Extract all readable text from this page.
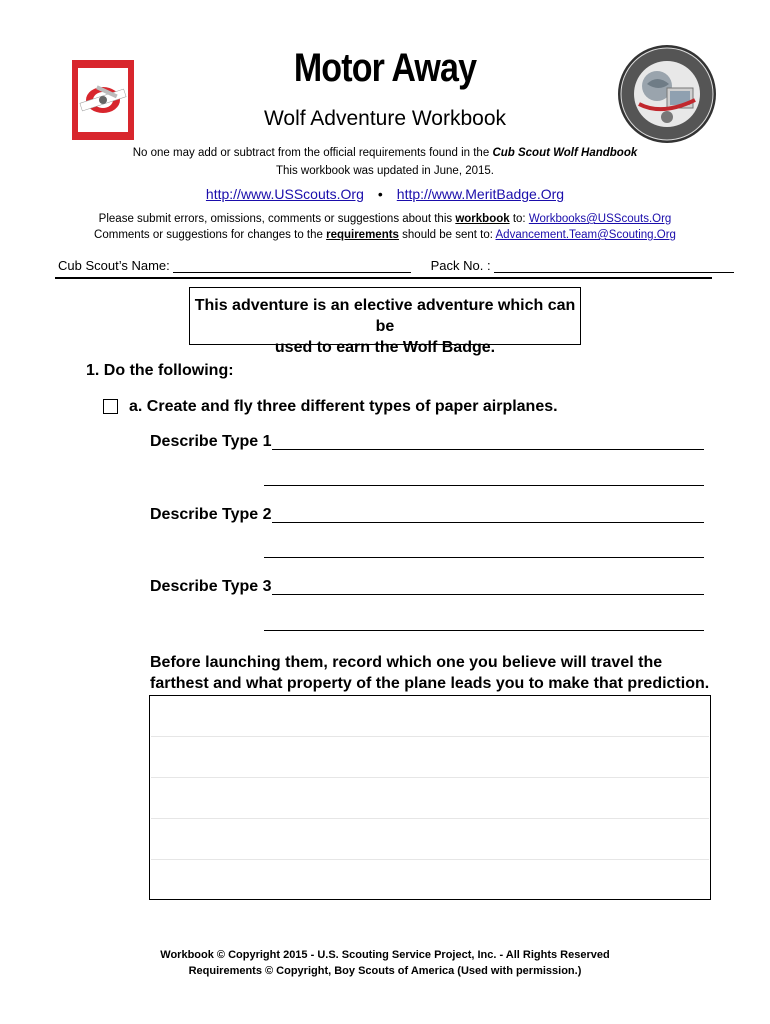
Motor Away
Wolf Adventure Workbook
No one may add or subtract from the official requirements found in the Cub Scout Wolf Handbook
This workbook was updated in June, 2015.
http://www.USScouts.Org • http://www.MeritBadge.Org
Please submit errors, omissions, comments or suggestions about this workbook to: Workbooks@USScouts.Org
Comments or suggestions for changes to the requirements should be sent to: Advancement.Team@Scouting.Org
Cub Scout’s Name:	Pack No. :
This adventure is an elective adventure which can be
used to earn the Wolf Badge.
1. Do the following:
a. Create and fly three different types of paper airplanes.
Describe Type 1
Describe Type 2
Describe Type 3
Before launching them, record which one you believe will travel the farthest and what property of the plane leads you to make that prediction.
Workbook © Copyright 2015 - U.S. Scouting Service Project, Inc. - All Rights Reserved
Requirements © Copyright, Boy Scouts of America (Used with permission.)
